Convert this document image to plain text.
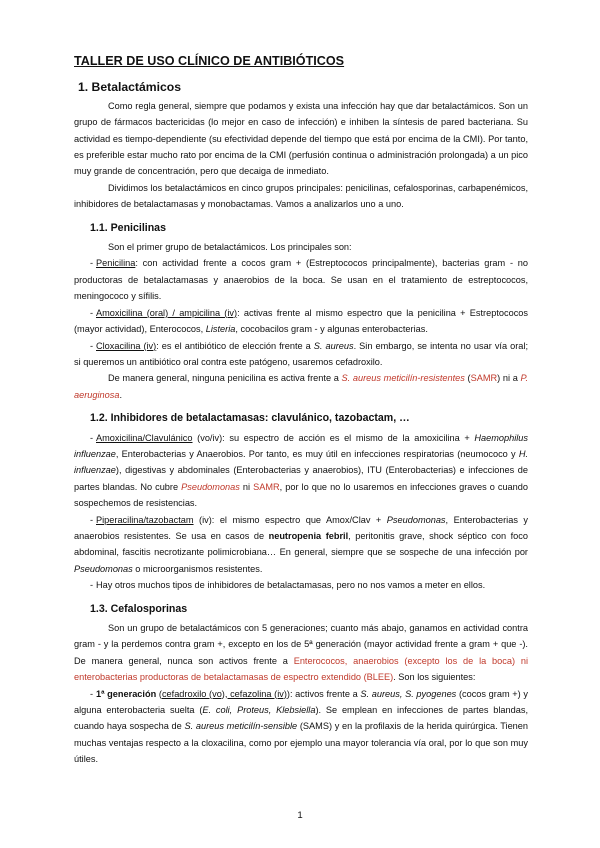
TALLER DE USO CLÍNICO DE ANTIBIÓTICOS
1. Betalactámicos

Como regla general, siempre que podamos y exista una infección hay que dar betalactámicos. Son un grupo de fármacos bactericidas (lo mejor en caso de infección) e inhiben la síntesis de pared bacteriana. Su actividad es tiempo-dependiente (su efectividad depende del tiempo que está por encima de la CMI). Por tanto, es preferible estar mucho rato por encima de la CMI (perfusión continua o administración prolongada) a un pico muy grande de concentración, pero que decaiga de inmediato.

Dividimos los betalactámicos en cinco grupos principales: penicilinas, cefalosporinas, carbapenémicos, inhibidores de betalactamasas y monobactamas. Vamos a analizarlos uno a uno.

1.1. Penicilinas

Son el primer grupo de betalactámicos. Los principales son:

- Penicilina: con actividad frente a cocos gram + (Estreptococos principalmente), bacterias gram - no productoras de betalactamasas y anaerobios de la boca. Se usan en el tratamiento de estreptococos, meningococo y sífilis.

- Amoxicilina (oral) / ampicilina (iv): activas frente al mismo espectro que la penicilina + Estreptococos (mayor actividad), Enterococos, Listeria, cocobacilos gram - y algunas enterobacterias.

- Cloxacilina (iv): es el antibiótico de elección frente a S. aureus. Sin embargo, se intenta no usar vía oral; si queremos un antibiótico oral contra este patógeno, usaremos cefadroxilo.

De manera general, ninguna penicilina es activa frente a S. aureus meticilín-resistentes (SAMR) ni a P. aeruginosa.

1.2. Inhibidores de betalactamasas: clavulánico, tazobactam, …

- Amoxicilina/Clavulánico (vo/iv): su espectro de acción es el mismo de la amoxicilina + Haemophilus influenzae, Enterobacterias y Anaerobios. Por tanto, es muy útil en infecciones respiratorias (neumococo y H. influenzae), digestivas y abdominales (Enterobacterias y anaerobios), ITU (Enterobacterias) e infecciones de partes blandas. No cubre Pseudomonas ni SAMR, por lo que no lo usaremos en infecciones graves o cuando sospechemos de resistencias.

- Piperacilina/tazobactam (iv): el mismo espectro que Amox/Clav + Pseudomonas, Enterobacterias y anaerobios resistentes. Se usa en casos de neutropenia febril, peritonitis grave, shock séptico con foco abdominal, fascitis necrotizante polimicrobiana… En general, siempre que se sospeche de una infección por Pseudomonas o microorganismos resistentes.

- Hay otros muchos tipos de inhibidores de betalactamasas, pero no nos vamos a meter en ellos.

1.3. Cefalosporinas

Son un grupo de betalactámicos con 5 generaciones; cuanto más abajo, ganamos en actividad contra gram - y la perdemos contra gram +, excepto en los de 5ª generación (mayor actividad frente a gram + que -). De manera general, nunca son activos frente a Enterococos, anaerobios (excepto los de la boca) ni enterobacterias productoras de betalactamasas de espectro extendido (BLEE). Son los siguientes:

- 1ª generación (cefadroxilo (vo), cefazolina (iv)): activos frente a S. aureus, S. pyogenes (cocos gram +) y alguna enterobacteria suelta (E. coli, Proteus, Klebsiella). Se emplean en infecciones de partes blandas, cuando haya sospecha de S. aureus meticilín-sensible (SAMS) y en la profilaxis de la herida quirúrgica. Tienen muchas ventajas respecto a la cloxacilina, como por ejemplo una mayor tolerancia vía oral, por lo que son muy útiles.

1
